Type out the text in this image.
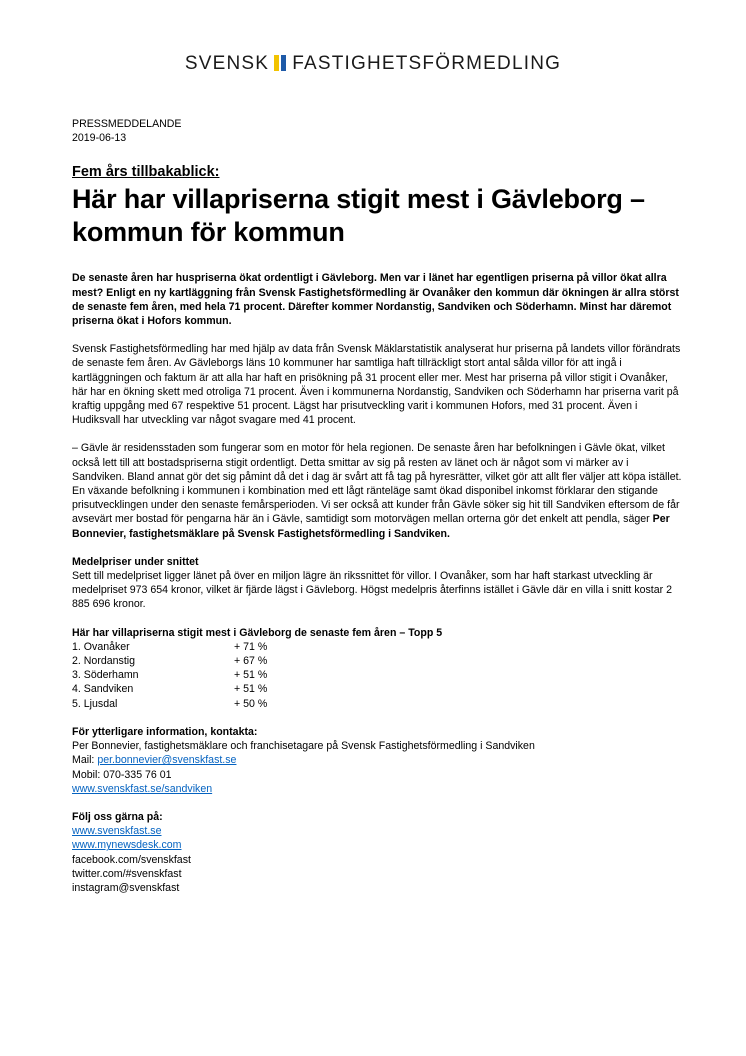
SVENSK FASTIGHETSFÖRMEDLING

PRESSMEDDELANDE

2019-06-13

Fem års tillbakablick:

Här har villapriserna stigit mest i Gävleborg – kommun för kommun

De senaste åren har huspriserna ökat ordentligt i Gävleborg. Men var i länet har egentligen priserna på villor ökat allra mest? Enligt en ny kartläggning från Svensk Fastighetsförmedling är Ovanåker den kommun där ökningen är allra störst de senaste fem åren, med hela 71 procent. Därefter kommer Nordanstig, Sandviken och Söderhamn. Minst har däremot priserna ökat i Hofors kommun.

Svensk Fastighetsförmedling har med hjälp av data från Svensk Mäklarstatistik analyserat hur priserna på landets villor förändrats de senaste fem åren. Av Gävleborgs läns 10 kommuner har samtliga haft tillräckligt stort antal sålda villor för att ingå i kartläggningen och faktum är att alla har haft en prisökning på 31 procent eller mer. Mest har priserna på villor stigit i Ovanåker, här har en ökning skett med otroliga 71 procent. Även i kommunerna Nordanstig, Sandviken och Söderhamn har priserna varit på kraftig uppgång med 67 respektive 51 procent. Lägst har prisutveckling varit i kommunen Hofors, med 31 procent. Även i Hudiksvall har utveckling var något svagare med 41 procent.

– Gävle är residensstaden som fungerar som en motor för hela regionen. De senaste åren har befolkningen i Gävle ökat, vilket också lett till att bostadspriserna stigit ordentligt. Detta smittar av sig på resten av länet och är något som vi märker av i Sandviken. Bland annat gör det sig påmint då det i dag är svårt att få tag på hyresrätter, vilket gör att allt fler väljer att köpa istället. En växande befolkning i kommunen i kombination med ett lågt ränteläge samt ökad disponibel inkomst förklarar den stigande prisutvecklingen under den senaste femårsperioden. Vi ser också att kunder från Gävle söker sig hit till Sandviken eftersom de får avsevärt mer bostad för pengarna här än i Gävle, samtidigt som motorvägen mellan orterna gör det enkelt att pendla, säger Per Bonnevier, fastighetsmäklare på Svensk Fastighetsförmedling i Sandviken.

Medelpriser under snittet

Sett till medelpriset ligger länet på över en miljon lägre än rikssnittet för villor. I Ovanåker, som har haft starkast utveckling är medelpriset 973 654 kronor, vilket är fjärde lägst i Gävleborg. Högst medelpris återfinns istället i Gävle där en villa i snitt kostar 2 885 696 kronor.

Här har villapriserna stigit mest i Gävleborg de senaste fem åren – Topp 5

1. Ovanåker	+ 71 %
2. Nordanstig	+ 67 %
3. Söderhamn	+ 51 %
4. Sandviken	+ 51 %
5. Ljusdal	+ 50 %

För ytterligare information, kontakta:

Per Bonnevier, fastighetsmäklare och franchisetagare på Svensk Fastighetsförmedling i Sandviken

Mail: per.bonnevier@svenskfast.se

Mobil: 070-335 76 01

www.svenskfast.se/sandviken

Följ oss gärna på:

www.svenskfast.se

www.mynewsdesk.com

facebook.com/svenskfast

twitter.com/#svenskfast

instagram@svenskfast
